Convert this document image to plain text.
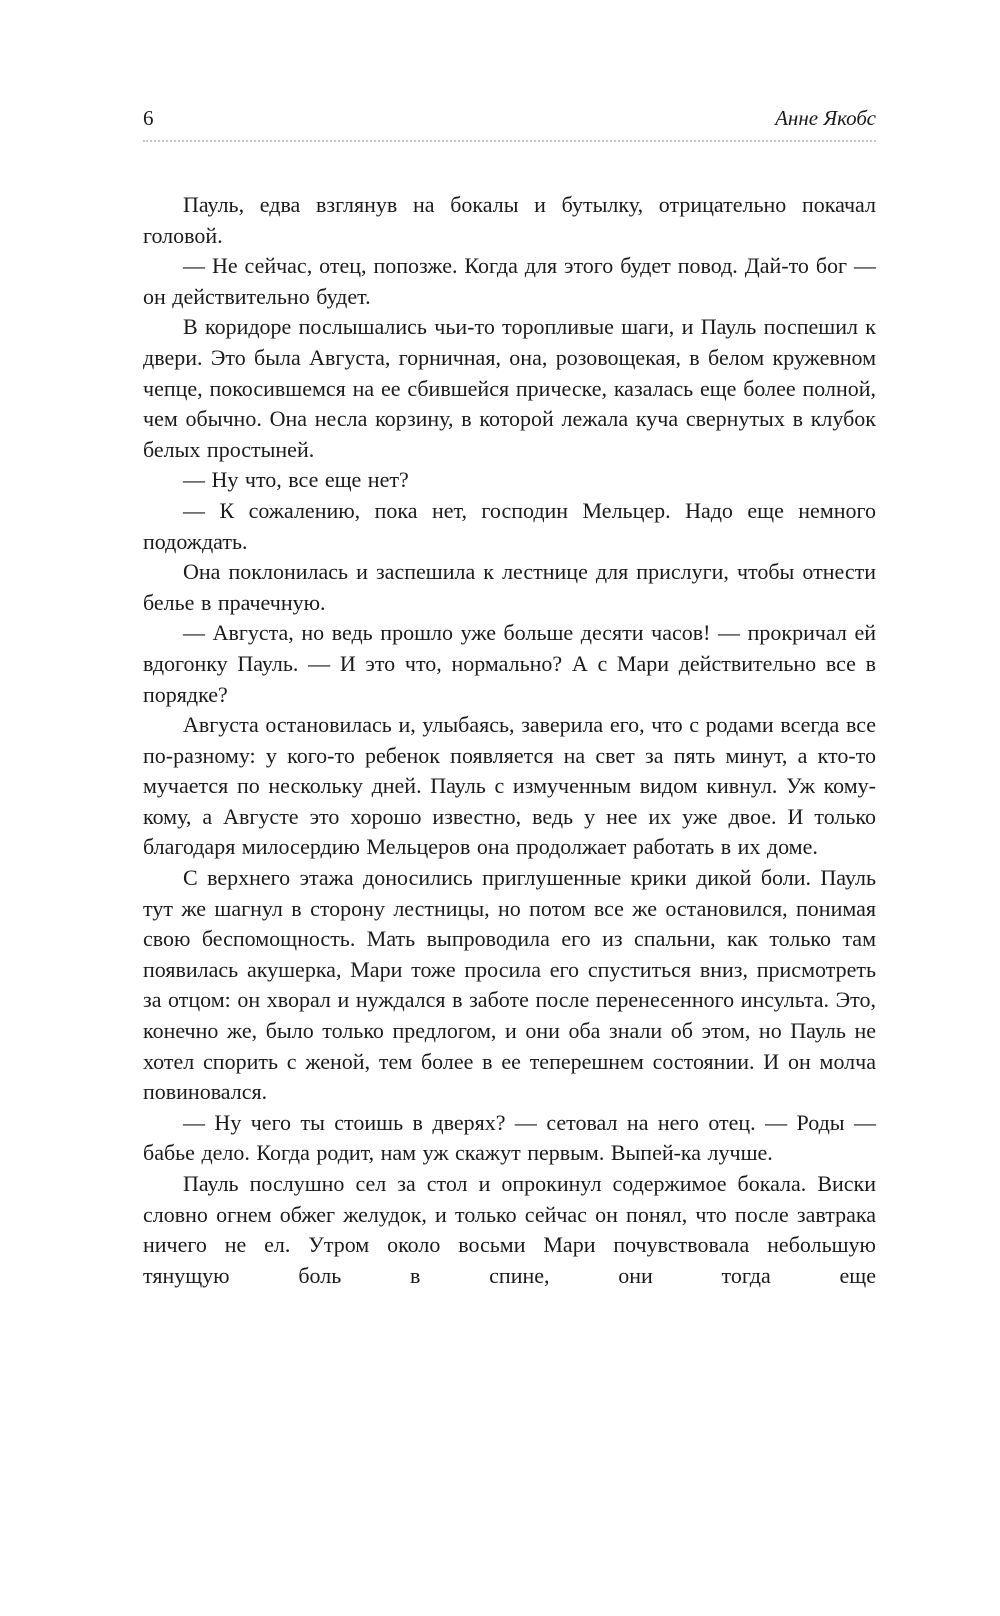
6	Анне Якобс

Пауль, едва взглянув на бокалы и бутылку, отрицательно покачал головой.

— Не сейчас, отец, попозже. Когда для этого будет повод. Дай-то бог — он действительно будет.

В коридоре послышались чьи-то торопливые шаги, и Пауль поспешил к двери. Это была Августа, горничная, она, розовощекая, в белом кружевном чепце, покосившемся на ее сбившейся прическе, казалась еще более полной, чем обычно. Она несла корзину, в которой лежала куча свернутых в клубок белых простыней.

— Ну что, все еще нет?

— К сожалению, пока нет, господин Мельцер. Надо еще немного подождать.

Она поклонилась и заспешила к лестнице для прислуги, чтобы отнести белье в прачечную.

— Августа, но ведь прошло уже больше десяти часов! — прокричал ей вдогонку Пауль. — И это что, нормально? А с Мари действительно все в порядке?

Августа остановилась и, улыбаясь, заверила его, что с родами всегда все по-разному: у кого-то ребенок появляется на свет за пять минут, а кто-то мучается по нескольку дней. Пауль с измученным видом кивнул. Уж кому-кому, а Августе это хорошо известно, ведь у нее их уже двое. И только благодаря милосердию Мельцеров она продолжает работать в их доме.

С верхнего этажа доносились приглушенные крики дикой боли. Пауль тут же шагнул в сторону лестницы, но потом все же остановился, понимая свою беспомощность. Мать выпроводила его из спальни, как только там появилась акушерка, Мари тоже просила его спуститься вниз, присмотреть за отцом: он хворал и нуждался в заботе после перенесенного инсульта. Это, конечно же, было только предлогом, и они оба знали об этом, но Пауль не хотел спорить с женой, тем более в ее теперешнем состоянии. И он молча повиновался.

— Ну чего ты стоишь в дверях? — сетовал на него отец. — Роды — бабье дело. Когда родит, нам уж скажут первым. Выпей-ка лучше.

Пауль послушно сел за стол и опрокинул содержимое бокала. Виски словно огнем обжег желудок, и только сейчас он понял, что после завтрака ничего не ел. Утром около восьми Мари почувствовала небольшую тянущую боль в спине, они тогда еще
